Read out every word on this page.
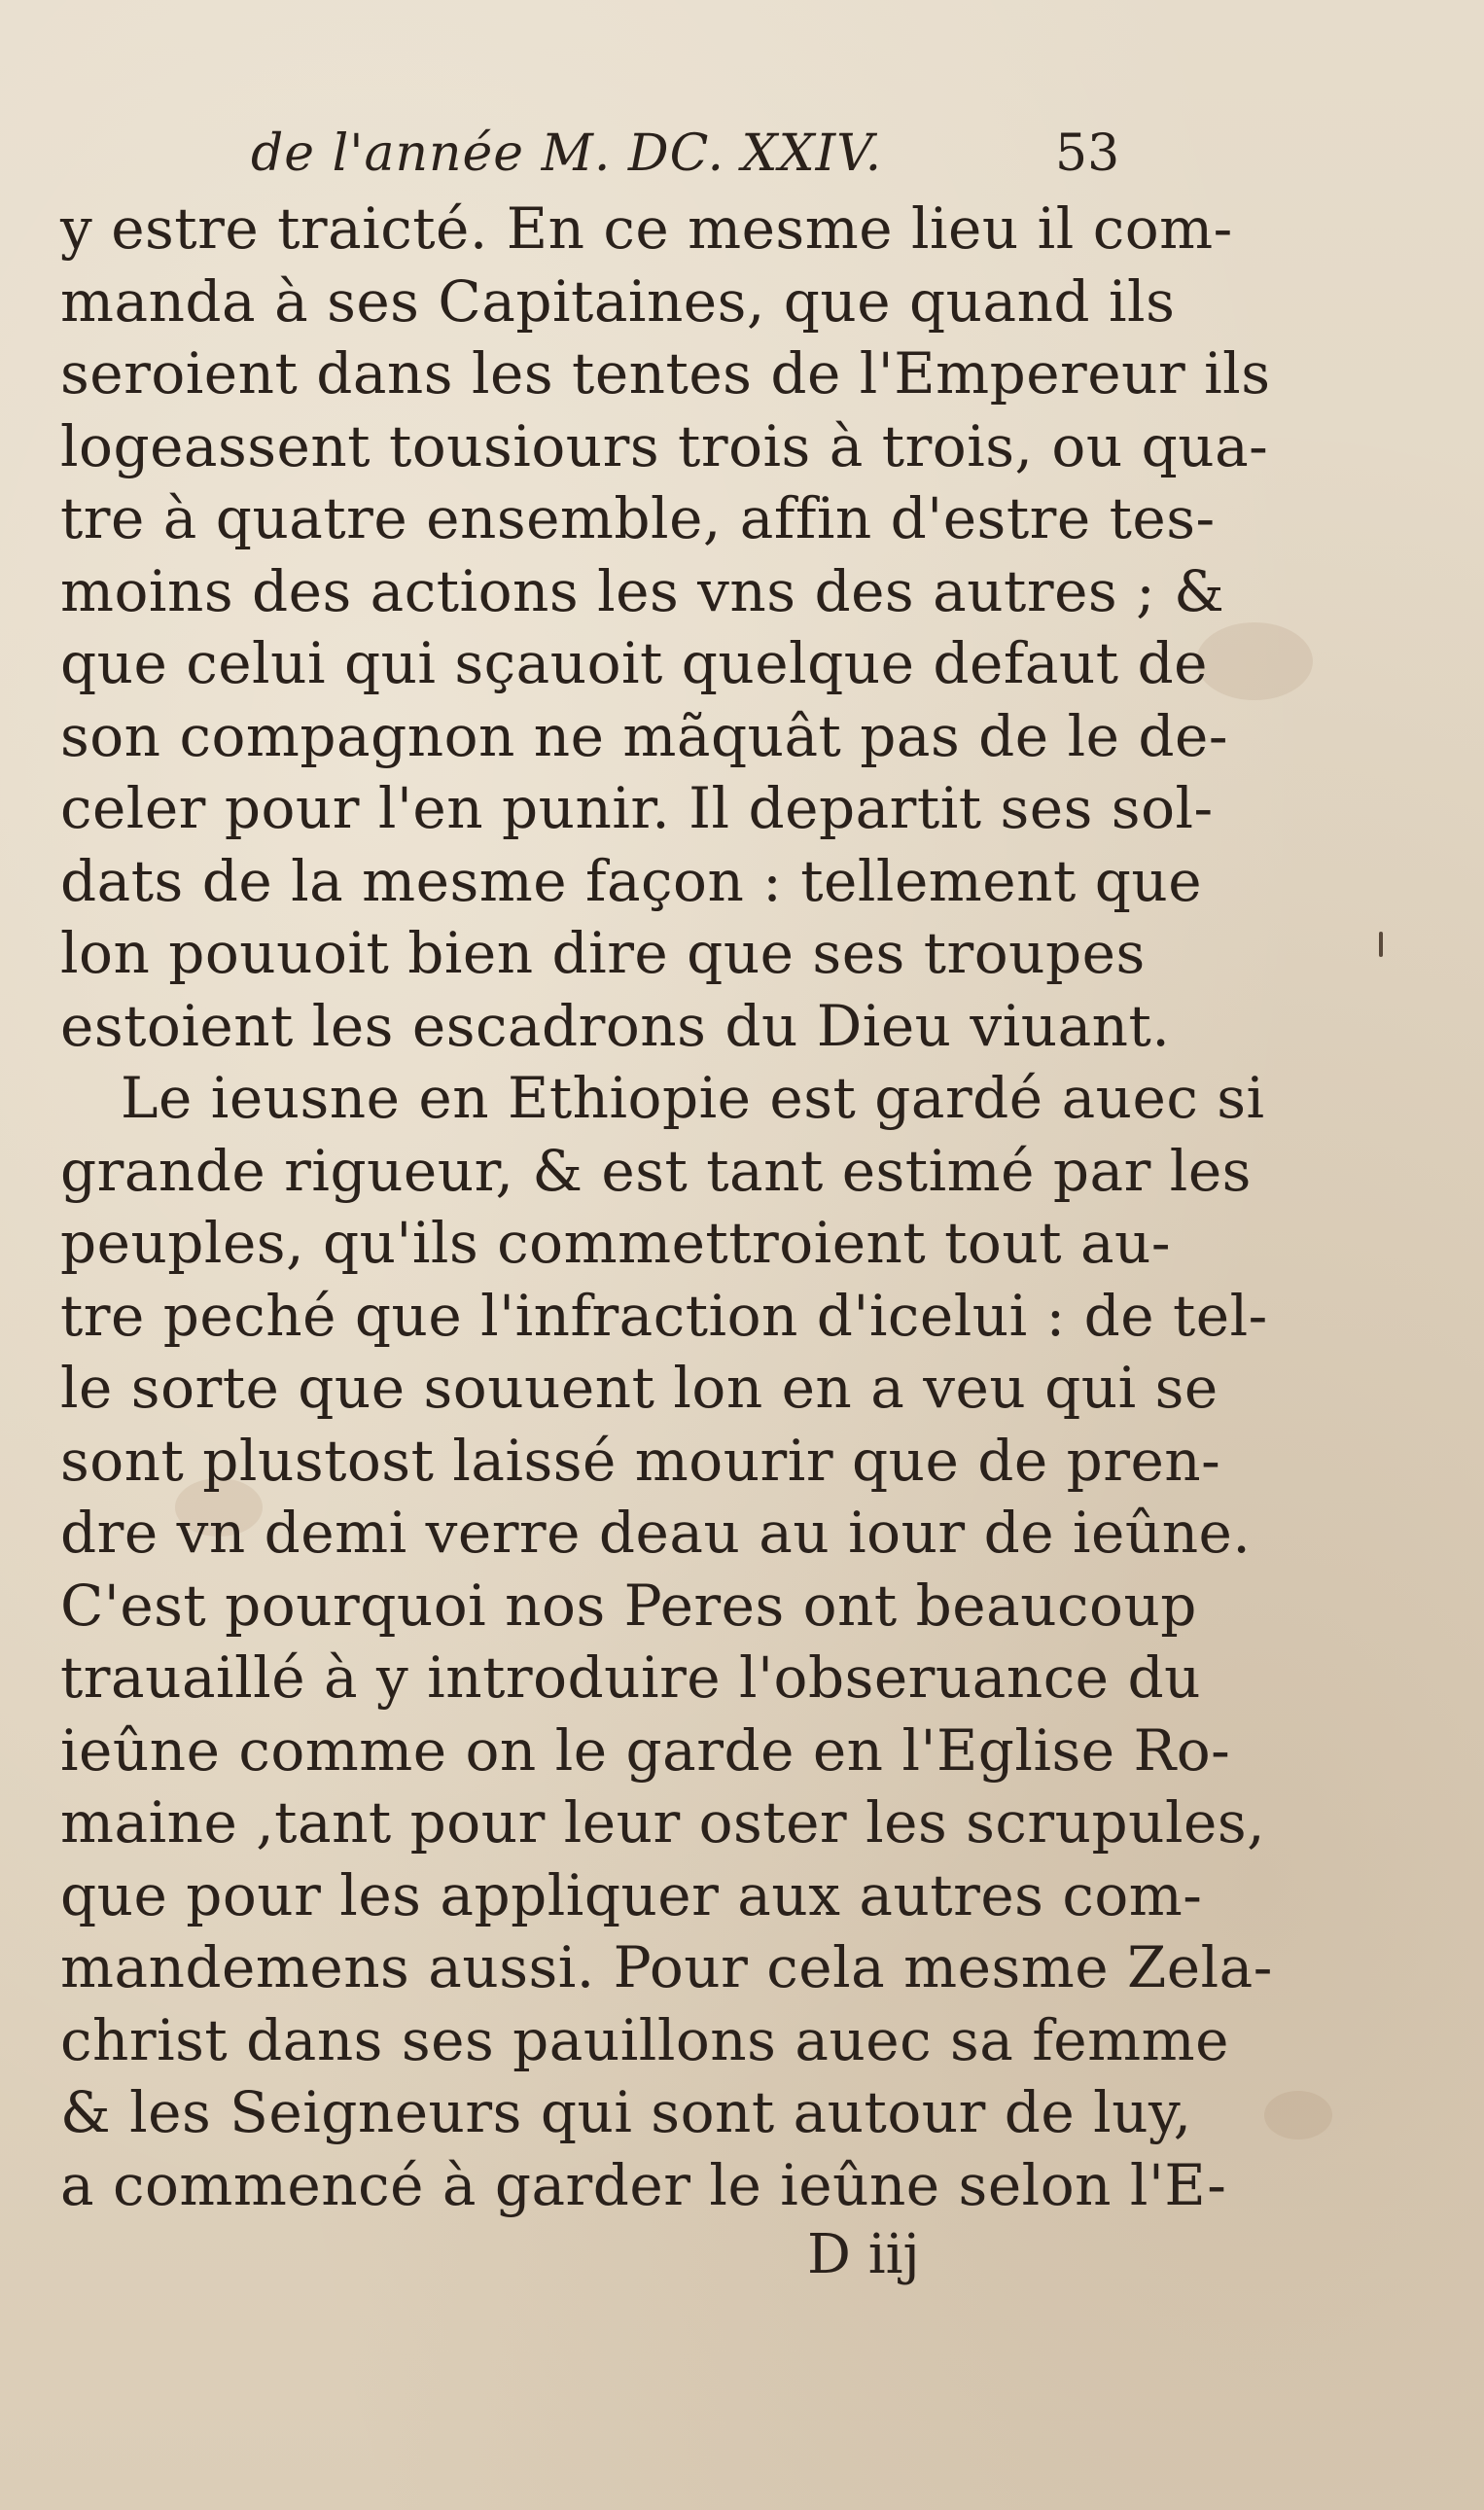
de l'année M. DC. XXIV.	53
y estre traicté. En ce mesme lieu il com-
manda à ses Capitaines, que quand ils
seroient dans les tentes de l'Empereur ils
logeassent tousiours trois à trois, ou qua-
tre à quatre ensemble, affin d'estre tes-
moins des actions les vns des autres ; &
que celui qui sçauoit quelque defaut de
son compagnon ne mãquât pas de le de-
celer pour l'en punir. Il departit ses sol-
dats de la mesme façon : tellement que
lon pouuoit bien dire que ses troupes
estoient les escadrons du Dieu viuant.
Le ieusne en Ethiopie est gardé auec si
grande rigueur, & est tant estimé par les
peuples, qu'ils commettroient tout au-
tre peché que l'infraction d'icelui : de tel-
le sorte que souuent lon en a veu qui se
sont plustost laissé mourir que de pren-
dre vn demi verre deau au iour de ieûne.
C'est pourquoi nos Peres ont beaucoup
trauaillé à y introduire l'obseruance du
ieûne comme on le garde en l'Eglise Ro-
maine ,tant pour leur oster les scrupules,
que pour les appliquer aux autres com-
mandemens aussi. Pour cela mesme Zela-
christ dans ses pauillons auec sa femme
& les Seigneurs qui sont autour de luy,
a commencé à garder le ieûne selon l'E-
D iij
